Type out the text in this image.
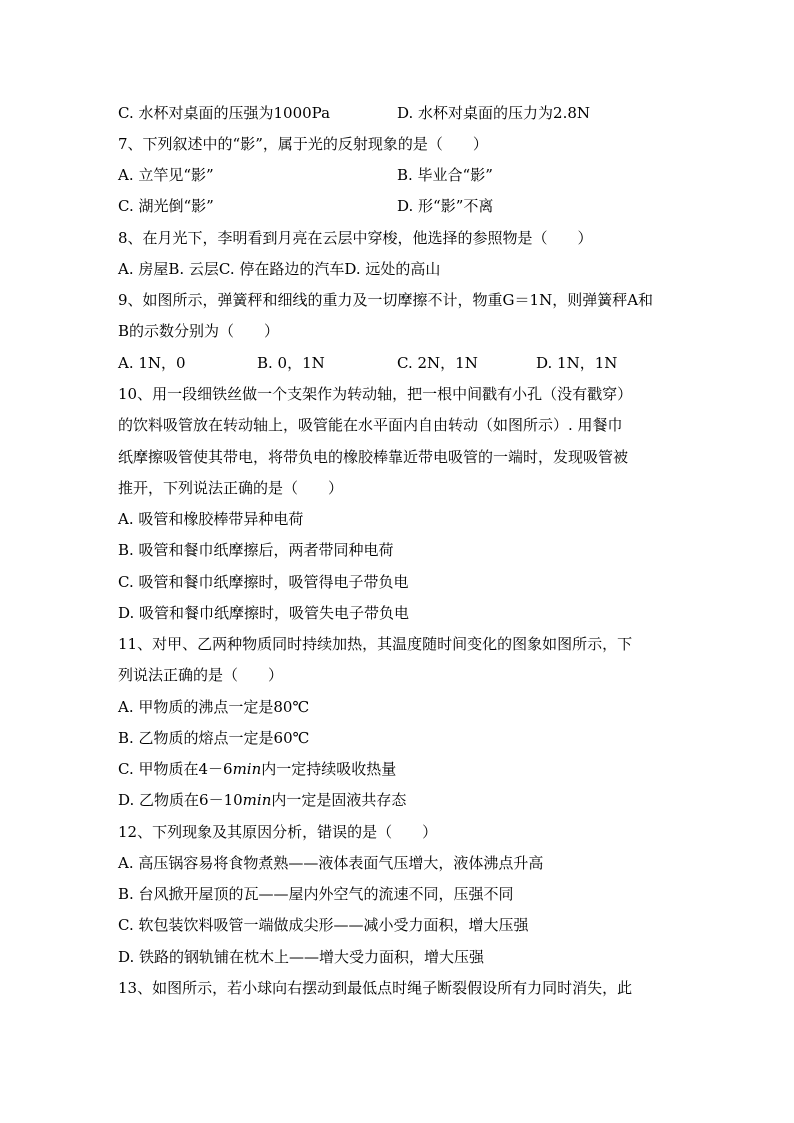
C. 水杯对桌面的压强为1000Pa	D. 水杯对桌面的压力为2.8N
7、下列叙述中的“影”，属于光的反射现象的是（　　）
A. 立竿见“影”	B. 毕业合“影”
C. 湖光倒“影”	D. 形“影”不离
8、在月光下，李明看到月亮在云层中穿梭，他选择的参照物是（　　）
A. 房屋B. 云层C. 停在路边的汽车D. 远处的高山
9、如图所示，弹簧秤和细线的重力及一切摩擦不计，物重G＝1N，则弹簧秤A和
B的示数分别为（　　）
A. 1N，0	B. 0，1N	C. 2N，1N	D. 1N，1N
10、用一段细铁丝做一个支架作为转动轴，把一根中间戳有小孔（没有戳穿）
的饮料吸管放在转动轴上，吸管能在水平面内自由转动（如图所示）. 用餐巾
纸摩擦吸管使其带电，将带负电的橡胶棒靠近带电吸管的一端时，发现吸管被
推开，下列说法正确的是（　　）
A. 吸管和橡胶棒带异种电荷
B. 吸管和餐巾纸摩擦后，两者带同种电荷
C. 吸管和餐巾纸摩擦时，吸管得电子带负电
D. 吸管和餐巾纸摩擦时，吸管失电子带负电
11、对甲、乙两种物质同时持续加热，其温度随时间变化的图象如图所示，下
列说法正确的是（　　）
A. 甲物质的沸点一定是80℃
B. 乙物质的熔点一定是60℃
C. 甲物质在4－6min内一定持续吸收热量
D. 乙物质在6－10min内一定是固液共存态
12、下列现象及其原因分析，错误的是（　　）
A. 高压锅容易将食物煮熟——液体表面气压增大，液体沸点升高
B. 台风掀开屋顶的瓦——屋内外空气的流速不同，压强不同
C. 软包装饮料吸管一端做成尖形——减小受力面积，增大压强
D. 铁路的钢轨铺在枕木上——增大受力面积，增大压强
13、如图所示，若小球向右摆动到最低点时绳子断裂假设所有力同时消失，此
